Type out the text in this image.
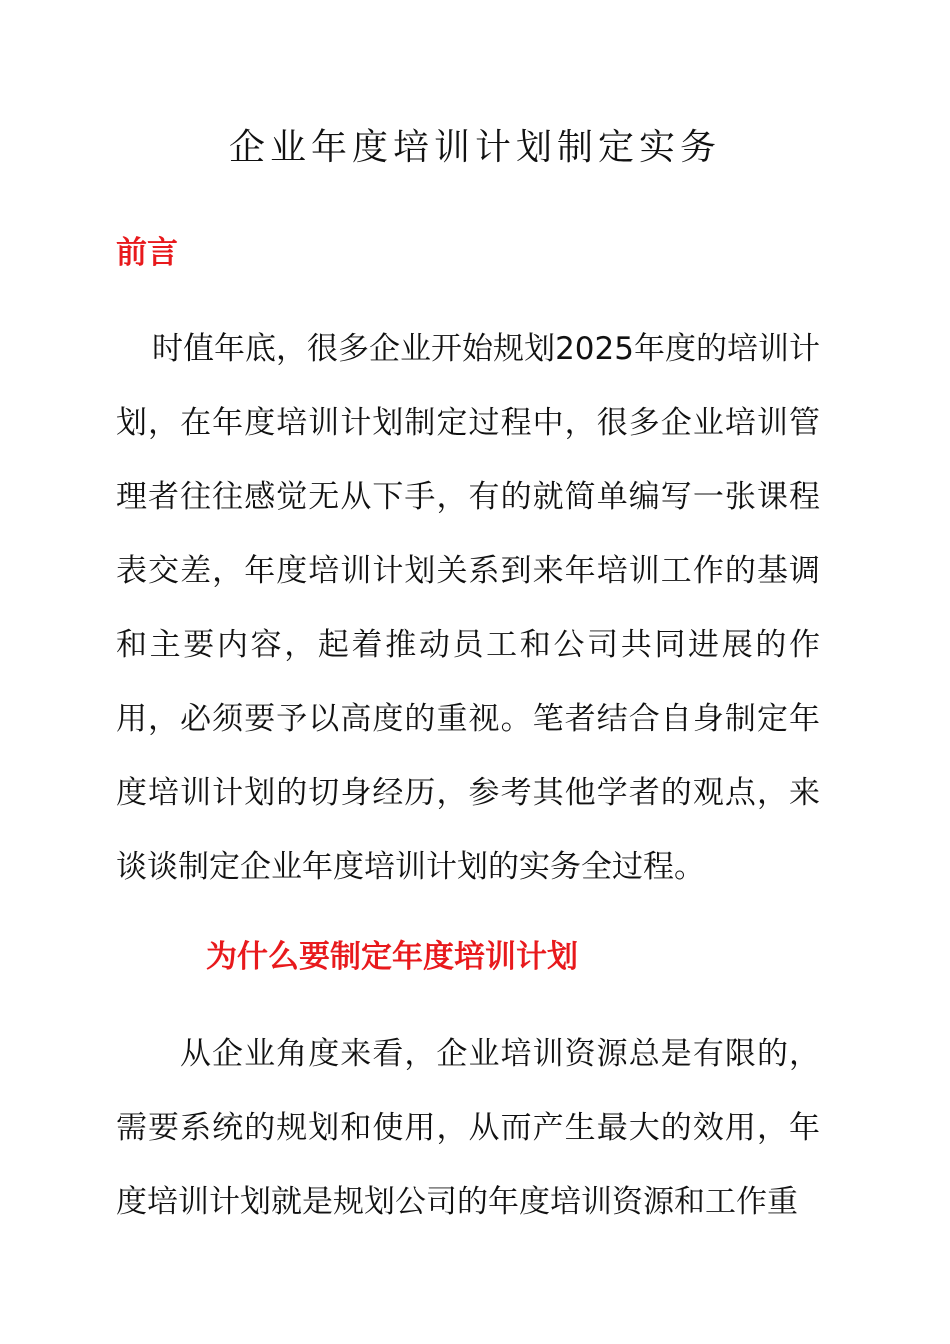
企业年度培训计划制定实务
前言

时值年底，很多企业开始规划2025年度的培训计划，在年度培训计划制定过程中，很多企业培训管理者往往感觉无从下手，有的就简单编写一张课程表交差，年度培训计划关系到来年培训工作的基调和主要内容，起着推动员工和公司共同进展的作用，必须要予以高度的重视。笔者结合自身制定年度培训计划的切身经历，参考其他学者的观点，来谈谈制定企业年度培训计划的实务全过程。

为什么要制定年度培训计划

从企业角度来看，企业培训资源总是有限的，需要系统的规划和使用，从而产生最大的效用，年度培训计划就是规划公司的年度培训资源和工作重
